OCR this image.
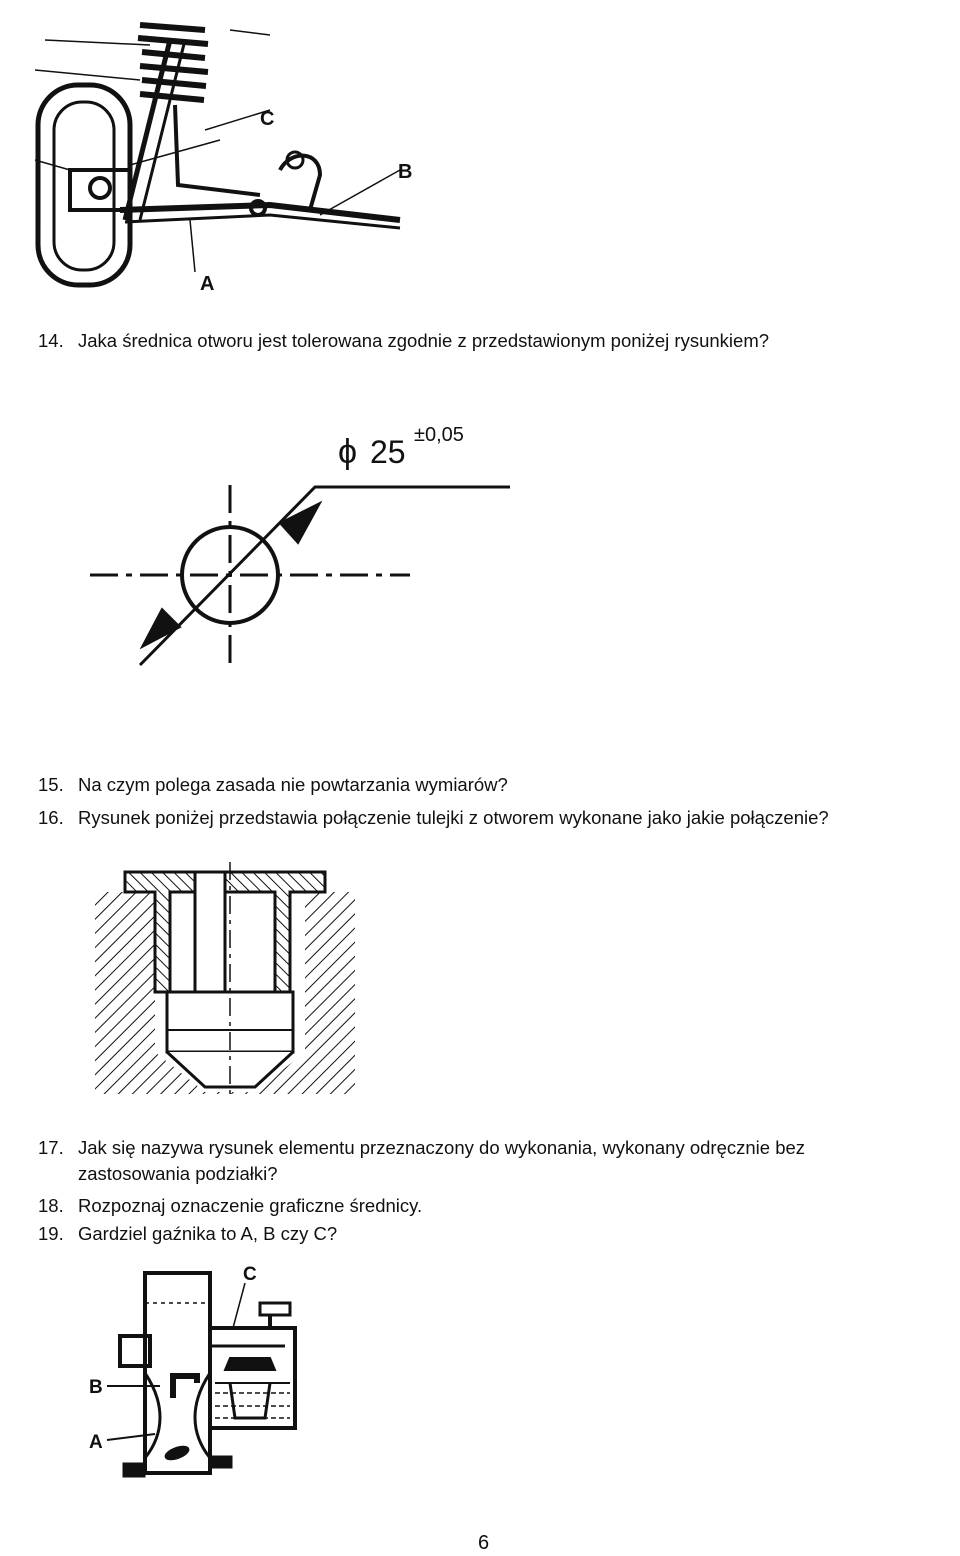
C
B
A
14. Jaka średnica otworu jest tolerowana zgodnie z przedstawionym poniżej rysunkiem?
ϕ 25 ±0,05
15. Na czym polega zasada nie powtarzania wymiarów?
16. Rysunek poniżej przedstawia połączenie tulejki z otworem wykonane jako jakie połączenie?
17. Jak się nazywa rysunek elementu przeznaczony do wykonania, wykonany odręcznie bez
zastosowania podziałki?
18. Rozpoznaj oznaczenie graficzne średnicy.
19. Gardziel gaźnika to A, B czy C?
C
B
A
6
